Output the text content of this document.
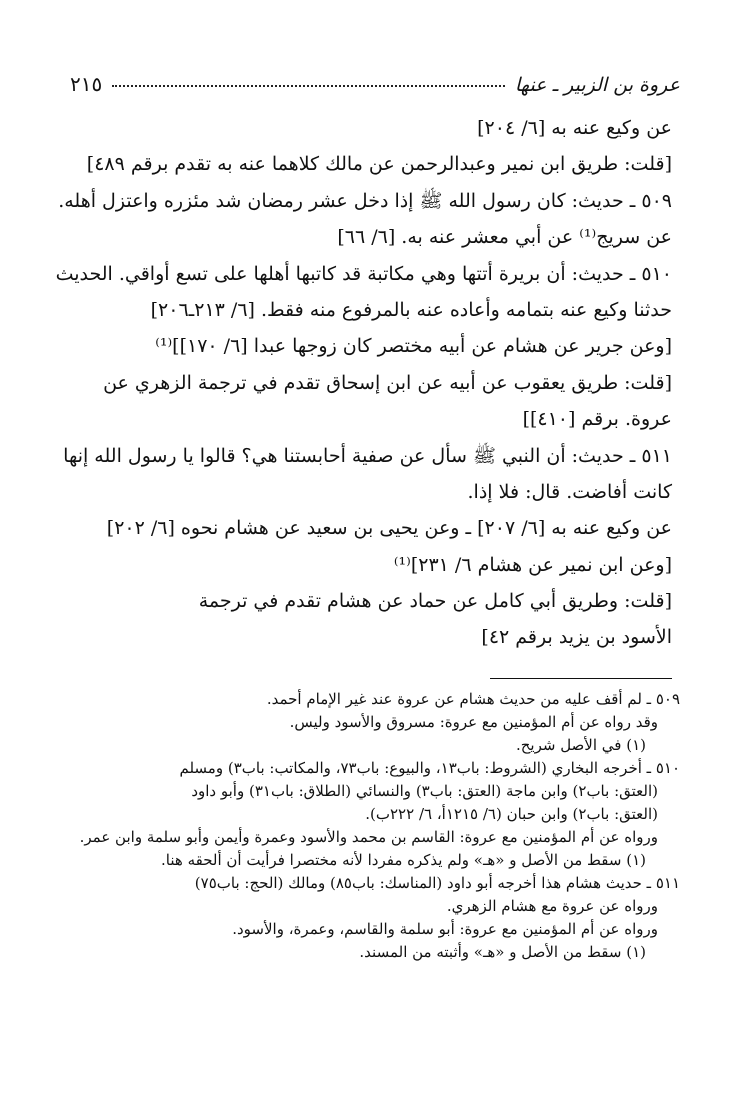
عروة بن الزبير ـ عنها
٢١٥
عن وكيع عنه به [٦/ ٢٠٤]
[قلت: طريق ابن نمير وعبدالرحمن عن مالك كلاهما عنه به تقدم برقم ٤٨٩]
٥٠٩ ـ حديث: كان رسول الله ﷺ إذا دخل عشر رمضان شد مئزره واعتزل أهله.
عن سريج⁽¹⁾ عن أبي معشر عنه به. [٦/ ٦٦]
٥١٠ ـ حديث: أن بريرة أتتها وهي مكاتبة قد كاتبها أهلها على تسع أواقي. الحديث
حدثنا وكيع عنه بتمامه وأعاده عنه بالمرفوع منه فقط. [٦/ ٢١٣ـ٢٠٦]
[وعن جرير عن هشام عن أبيه مختصر كان زوجها عبدا [٦/ ١٧٠]]⁽¹⁾
[قلت: طريق يعقوب عن أبيه عن ابن إسحاق تقدم في ترجمة الزهري عن
عروة. برقم [٤١٠]]
٥١١ ـ حديث: أن النبي ﷺ سأل عن صفية أحابستنا هي؟ قالوا يا رسول الله إنها
كانت أفاضت. قال: فلا إذا.
عن وكيع عنه به [٦/ ٢٠٧] ـ وعن يحيى بن سعيد عن هشام نحوه [٦/ ٢٠٢]
[وعن ابن نمير عن هشام ٦/ ٢٣١]⁽¹⁾
[قلت: وطريق أبي كامل عن حماد عن هشام تقدم في ترجمة
الأسود بن يزيد برقم ٤٢]
٥٠٩ ـ لم أقف عليه من حديث هشام عن عروة عند غير الإمام أحمد.
وقد رواه عن أم المؤمنين مع عروة: مسروق والأسود وليس.
(١) في الأصل شريح.
٥١٠ ـ أخرجه البخاري (الشروط: باب١٣، والبيوع: باب٧٣، والمكاتب: باب٣) ومسلم
(العتق: باب٢) وابن ماجة (العتق: باب٣) والنسائي (الطلاق: باب٣١) وأبو داود
(العتق: باب٢) وابن حبان (٦/ ١٢١٥أ، ٦/ ٢٢٢ب).
ورواه عن أم المؤمنين مع عروة: القاسم بن محمد والأسود وعمرة وأيمن وأبو سلمة وابن عمر.
(١) سقط من الأصل و «هـ» ولم يذكره مفردا لأنه مختصرا فرأيت أن ألحقه هنا.
٥١١ ـ حديث هشام هذا أخرجه أبو داود (المناسك: باب٨٥) ومالك (الحج: باب٧٥)
ورواه عن عروة مع هشام الزهري.
ورواه عن أم المؤمنين مع عروة: أبو سلمة والقاسم، وعمرة، والأسود.
(١) سقط من الأصل و «هـ» وأثبته من المسند.
